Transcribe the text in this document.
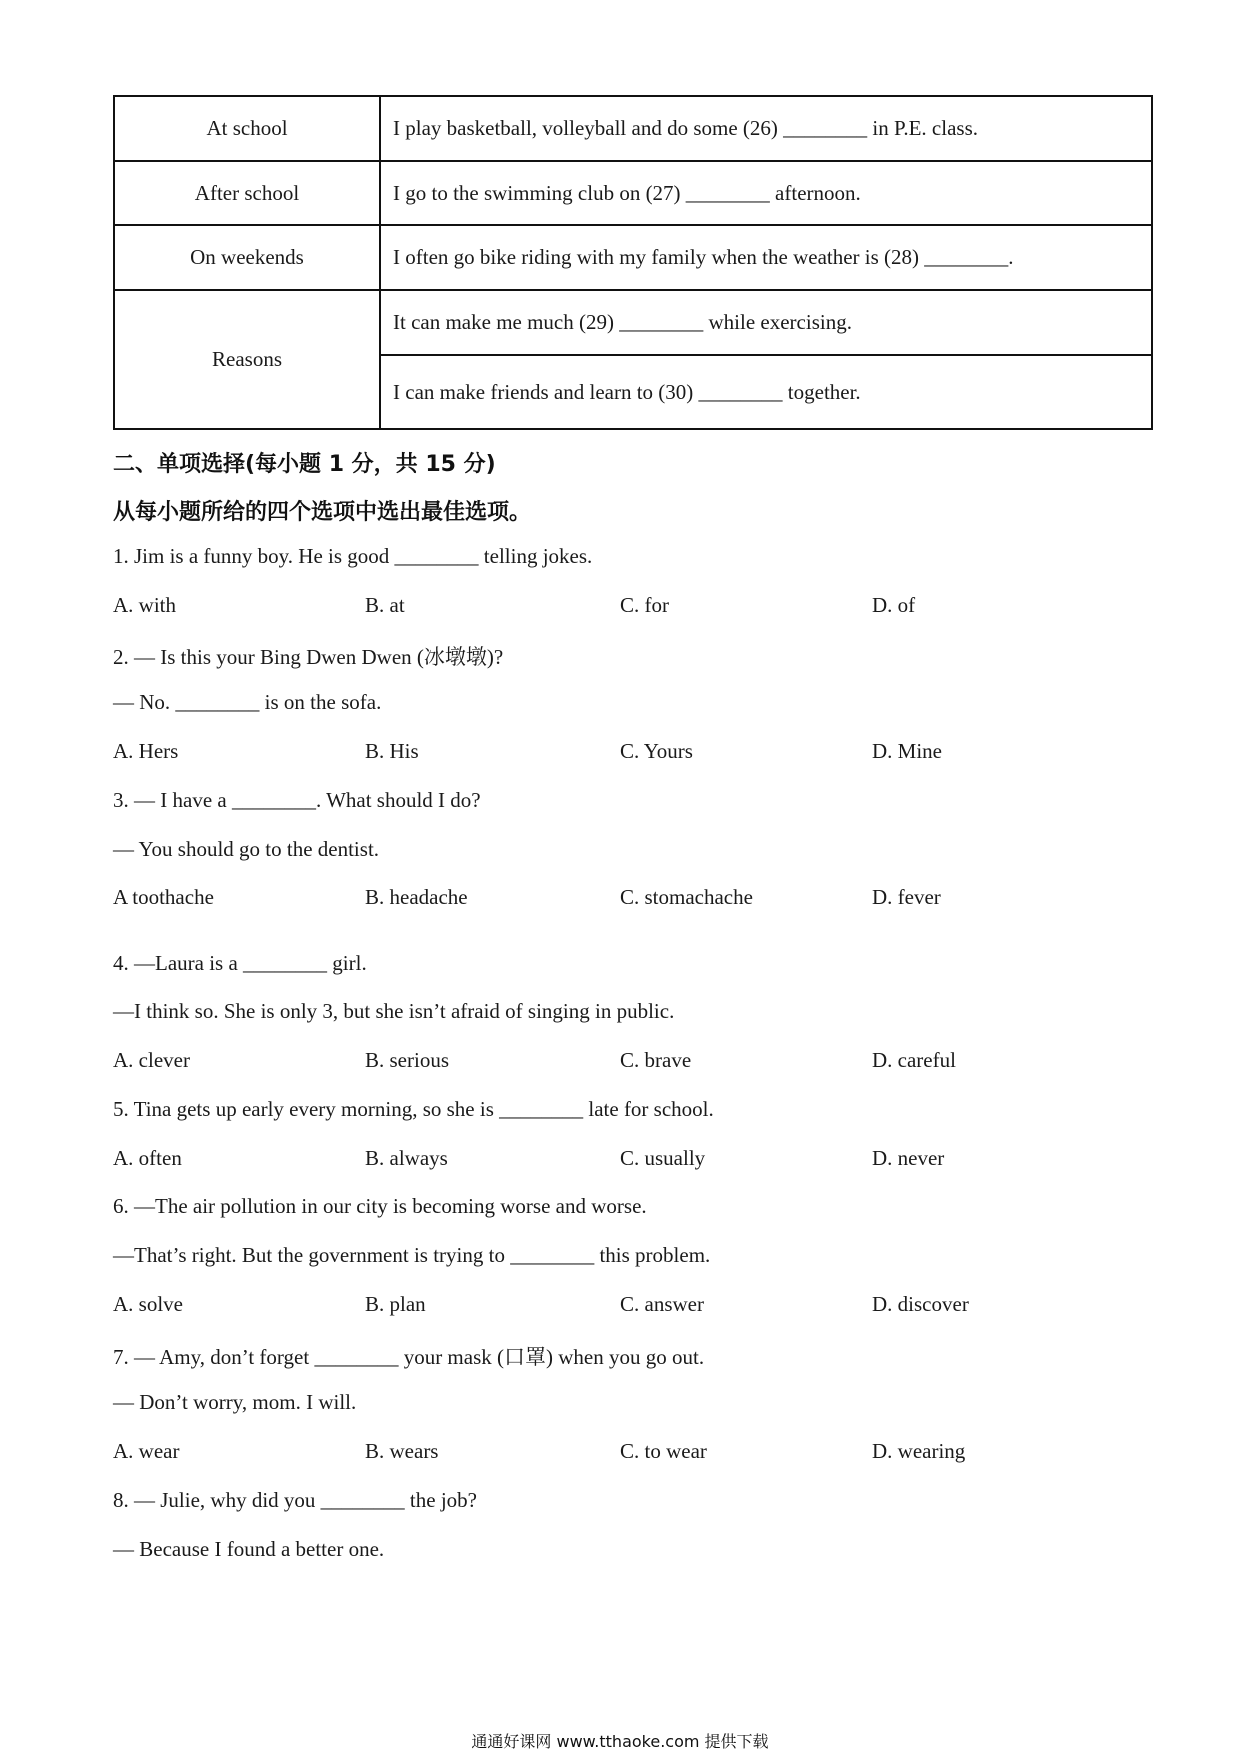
At school	I play basketball, volleyball and do some (26) ________ in P.E. class.
After school	I go to the swimming club on (27) ________ afternoon.
On weekends	I often go bike riding with my family when the weather is (28) ________.
Reasons	It can make me much (29) ________ while exercising.
	I can make friends and learn to (30) ________ together.
二、单项选择(每小题 1 分，共 15 分)
从每小题所给的四个选项中选出最佳选项。
1. Jim is a funny boy. He is good ________ telling jokes.
A. with	B. at	C. for	D. of
2. — Is this your Bing Dwen Dwen (冰墩墩)?
— No. ________ is on the sofa.
A. Hers	B. His	C. Yours	D. Mine
3. — I have a ________. What should I do?
— You should go to the dentist.
A toothache	B. headache	C. stomachache	D. fever
4. —Laura is a ________ girl.
—I think so. She is only 3, but she isn’t afraid of singing in public.
A. clever	B. serious	C. brave	D. careful
5. Tina gets up early every morning, so she is ________ late for school.
A. often	B. always	C. usually	D. never
6. —The air pollution in our city is becoming worse and worse.
—That’s right. But the government is trying to ________ this problem.
A. solve	B. plan	C. answer	D. discover
7. — Amy, don’t forget ________ your mask (口罩) when you go out.
— Don’t worry, mom. I will.
A. wear	B. wears	C. to wear	D. wearing
8. — Julie, why did you ________ the job?
— Because I found a better one.
通通好课网 www.tthaoke.com 提供下载
